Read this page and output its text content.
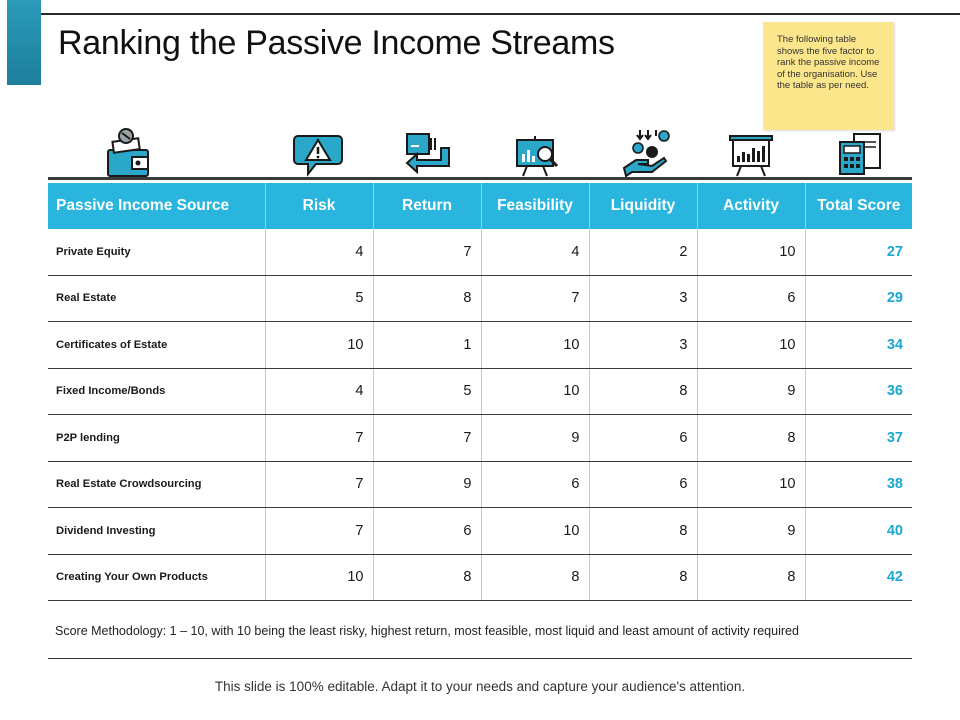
Ranking the Passive Income Streams	The following table shows the five factor to rank the passive income of the organisation. Use the table as per need.
Passive Income Source	Risk	Return	Feasibility	Liquidity	Activity	Total Score
Private Equity	4	7	4	2	10	27
Real Estate	5	8	7	3	6	29
Certificates of Estate	10	1	10	3	10	34
Fixed Income/Bonds	4	5	10	8	9	36
P2P lending	7	7	9	6	8	37
Real Estate Crowdsourcing	7	9	6	6	10	38
Dividend Investing	7	6	10	8	9	40
Creating Your Own Products	10	8	8	8	8	42
Score Methodology: 1 – 10, with 10 being the least risky, highest return, most feasible, most liquid and least amount of activity required
This slide is 100% editable. Adapt it to your needs and capture your audience's attention.
